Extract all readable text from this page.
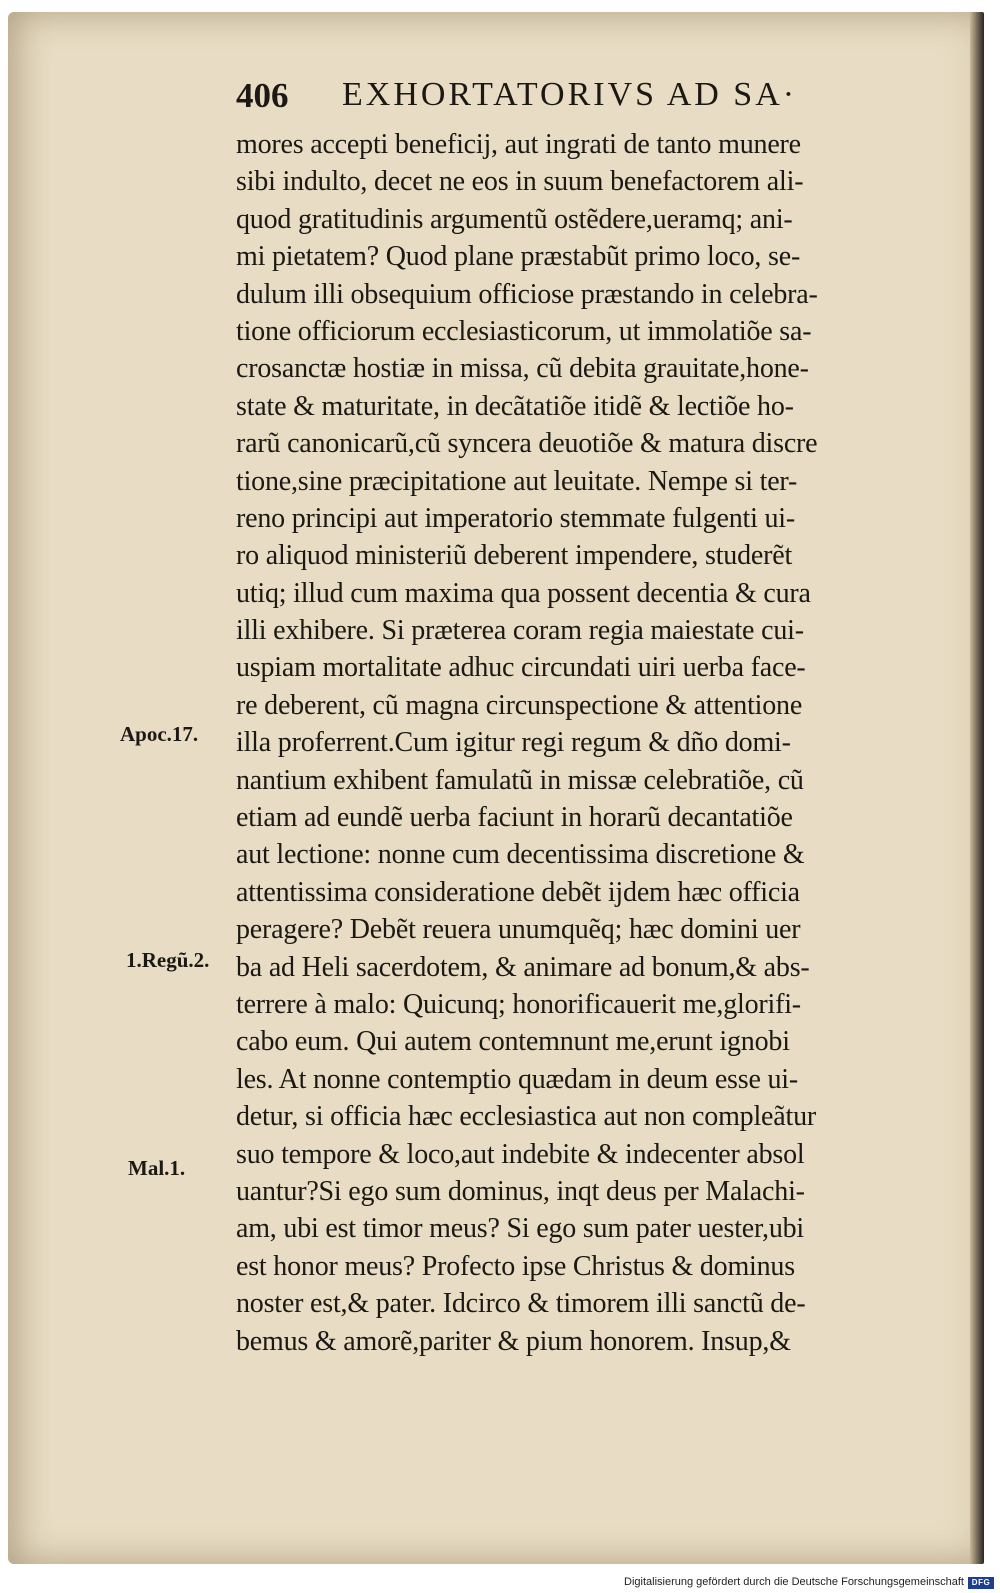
406 EXHORTATORIVS AD SA·
mores accepti beneficij, aut ingrati de tanto munere
sibi indulto, decet ne eos in suum benefactorem ali-
quod gratitudinis argumentũ ostẽdere,ueramq; ani-
mi pietatem? Quod plane præstabũt primo loco, se-
dulum illi obsequium officiose præstando in celebra-
tione officiorum ecclesiasticorum, ut immolatiõe sa-
crosanctæ hostiæ in missa, cũ debita grauitate,hone-
state & maturitate, in decãtatiõe itidẽ & lectiõe ho-
rarũ canonicarũ,cũ syncera deuotiõe & matura discre
tione,sine præcipitatione aut leuitate. Nempe si ter-
reno principi aut imperatorio stemmate fulgenti ui-
ro aliquod ministeriũ deberent impendere, studerẽt
utiq; illud cum maxima qua possent decentia & cura
illi exhibere. Si præterea coram regia maiestate cui-
uspiam mortalitate adhuc circundati uiri uerba face-
re deberent, cũ magna circunspectione & attentione
illa proferrent.Cum igitur regi regum & dño domi-
nantium exhibent famulatũ in missæ celebratiõe, cũ
etiam ad eundẽ uerba faciunt in horarũ decantatiõe
aut lectione: nonne cum decentissima discretione &
attentissima consideratione debẽt ijdem hæc officia
peragere? Debẽt reuera unumquẽq; hæc domini uer
ba ad Heli sacerdotem, & animare ad bonum,& abs-
terrere à malo: Quicunq; honorificauerit me,glorifi-
cabo eum. Qui autem contemnunt me,erunt ignobi
les. At nonne contemptio quædam in deum esse ui-
detur, si officia hæc ecclesiastica aut non compleãtur
suo tempore & loco,aut indebite & indecenter absol
uantur?Si ego sum dominus, inqt deus per Malachi-
am, ubi est timor meus? Si ego sum pater uester,ubi
est honor meus? Profecto ipse Christus & dominus
noster est,& pater. Idcirco & timorem illi sanctũ de-
bemus & amorẽ,pariter & pium honorem. Insup,&
Apoc.17.
1.Regũ.2.
Mal.1.
Digitalisierung gefördert durch die Deutsche Forschungsgemeinschaft DFG
